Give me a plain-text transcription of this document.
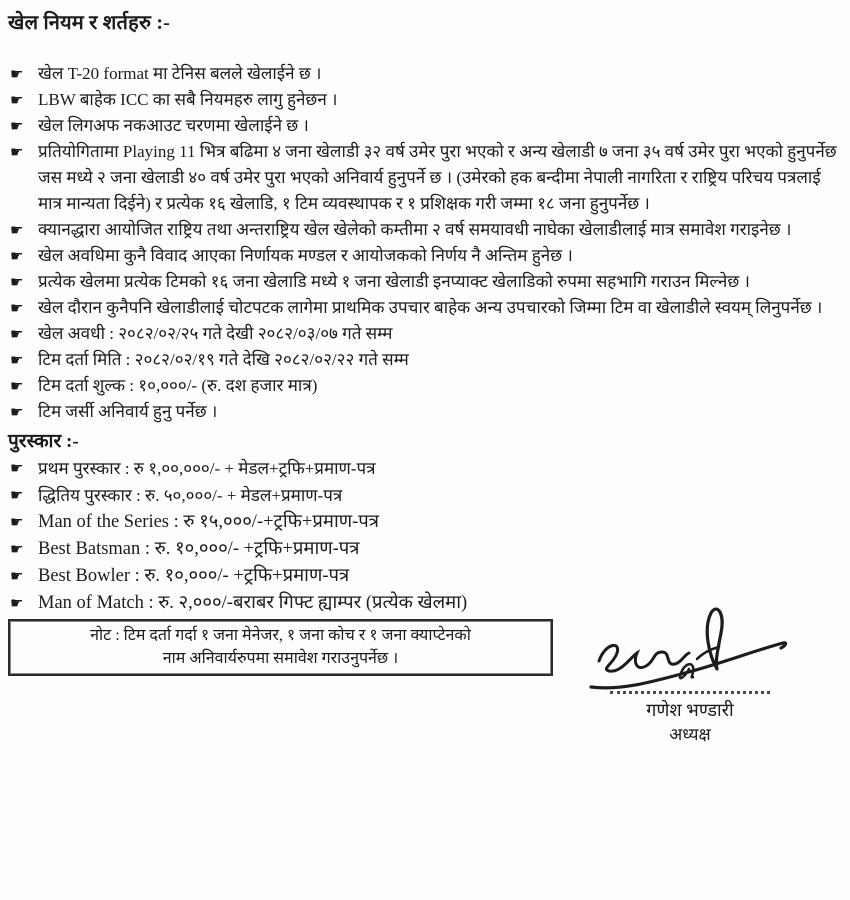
खेल नियम र शर्तहरु :-
☛ खेल T-20 format मा टेनिस बलले खेलाईने छ ।
☛ LBW बाहेक ICC का सबै नियमहरु लागु हुनेछन ।
☛ खेल लिगअफ नकआउट चरणमा खेलाईने छ ।
☛ प्रतियोगितामा Playing 11 भित्र बढिमा ४ जना खेलाडी ३२ वर्ष उमेर पुरा भएको र अन्य खेलाडी ७ जना ३५ वर्ष उमेर पुरा भएको हुनुपर्नेछ जस मध्ये २ जना खेलाडी ४० वर्ष उमेर पुरा भएको अनिवार्य हुनुपर्ने छ । (उमेरको हक बन्दीमा नेपाली नागरिता र राष्ट्रिय परिचय पत्रलाई मात्र मान्यता दिईने) र प्रत्येक १६ खेलाडि, १ टिम व्यवस्थापक र १ प्रशिक्षक गरी जम्मा १८ जना हुनुपर्नेछ ।
☛ क्यानद्धारा आयोजित राष्ट्रिय तथा अन्तराष्ट्रिय खेल खेलेको कम्तीमा २ वर्ष समयावधी नाघेका खेलाडीलाई मात्र समावेश गराइनेछ ।
☛ खेल अवधिमा कुनै विवाद आएका निर्णायक मण्डल र आयोजकको निर्णय नै अन्तिम हुनेछ ।
☛ प्रत्येक खेलमा प्रत्येक टिमको १६ जना खेलाडि मध्ये १ जना खेलाडी इनप्याक्ट खेलाडिको रुपमा सहभागि गराउन मिल्नेछ ।
☛ खेल दौरान कुनैपनि खेलाडीलाई चोटपटक लागेमा प्राथमिक उपचार बाहेक अन्य उपचारको जिम्मा टिम वा खेलाडीले स्वयम् लिनुपर्नेछ ।
☛ खेल अवधी : २०८२/०२/२५ गते देखी २०८२/०३/०७ गते सम्म
☛ टिम दर्ता मिति : २०८२/०२/१९ गते देखि २०८२/०२/२२ गते सम्म
☛ टिम दर्ता शुल्क : १०,०००/- (रु. दश हजार मात्र)
☛ टिम जर्सी अनिवार्य हुनु पर्नेछ ।
पुरस्कार :-
☛ प्रथम पुरस्कार : रु १,००,०००/- + मेडल+ट्रफि+प्रमाण-पत्र
☛ द्धितिय पुरस्कार : रु. ५०,०००/- + मेडल+प्रमाण-पत्र
☛ Man of the Series : रु १५,०००/-+ट्रफि+प्रमाण-पत्र
☛ Best Batsman : रु. १०,०००/- +ट्रफि+प्रमाण-पत्र
☛ Best Bowler : रु. १०,०००/- +ट्रफि+प्रमाण-पत्र
☛ Man of Match : रु. २,०००/-बराबर गिफ्ट ह्याम्पर (प्रत्येक खेलमा)
नोट : टिम दर्ता गर्दा १ जना मेनेजर, १ जना कोच र १ जना क्याप्टेनको
नाम अनिवार्यरुपमा समावेश गराउनुपर्नेछ ।
गणेश भण्डारी
अध्यक्ष
